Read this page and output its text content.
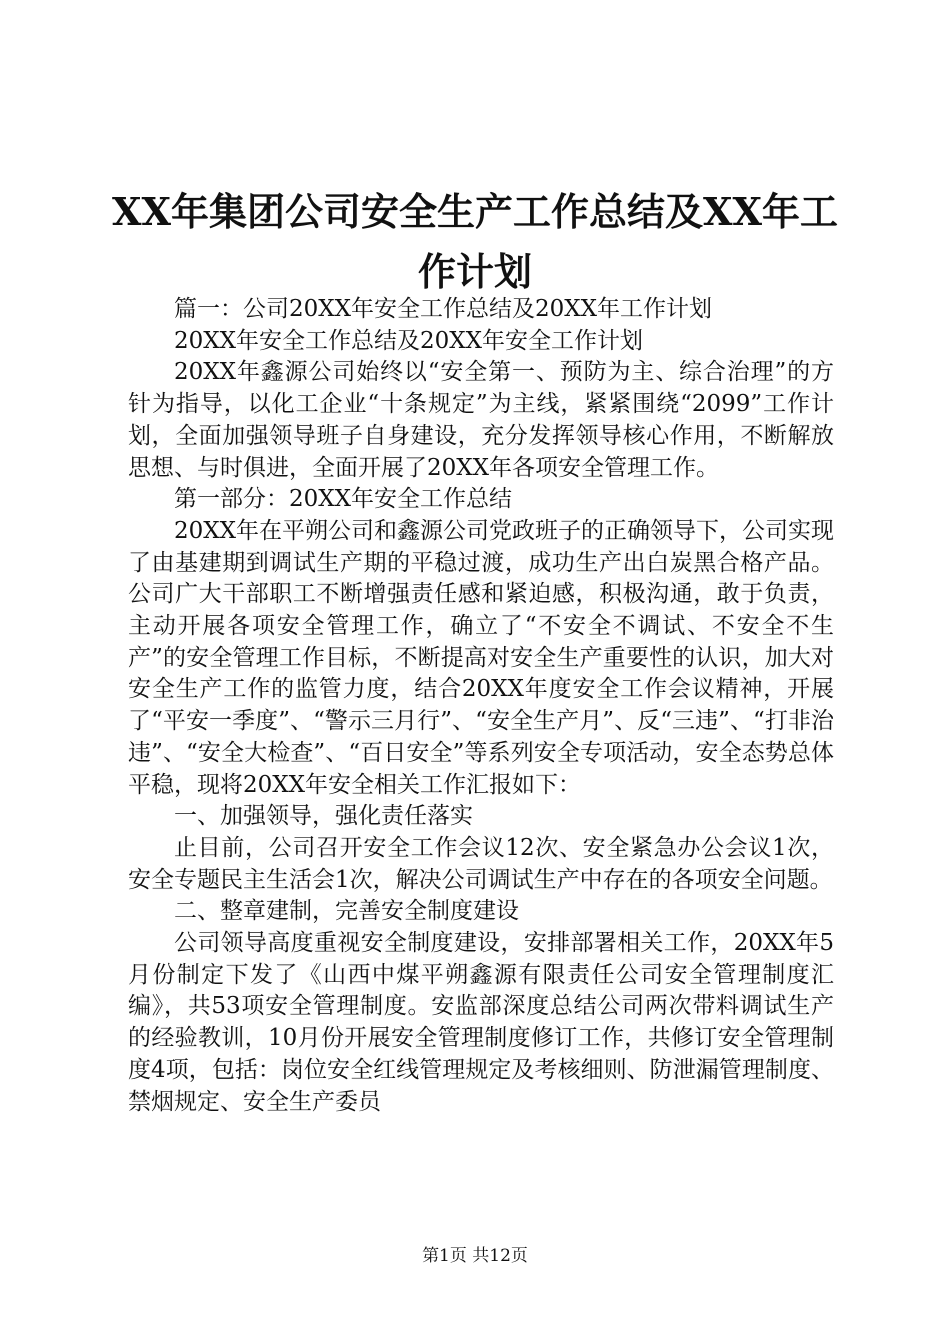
XX年集团公司安全生产工作总结及XX年工作计划

篇一：公司20XX年安全工作总结及20XX年工作计划

20XX年安全工作总结及20XX年安全工作计划

20XX年鑫源公司始终以“安全第一、预防为主、综合治理”的方针为指导，以化工企业“十条规定”为主线，紧紧围绕“2099”工作计划，全面加强领导班子自身建设，充分发挥领导核心作用，不断解放思想、与时俱进，全面开展了20XX年各项安全管理工作。

第一部分：20XX年安全工作总结

20XX年在平朔公司和鑫源公司党政班子的正确领导下，公司实现了由基建期到调试生产期的平稳过渡，成功生产出白炭黑合格产品。公司广大干部职工不断增强责任感和紧迫感，积极沟通，敢于负责，主动开展各项安全管理工作，确立了“不安全不调试、不安全不生产”的安全管理工作目标，不断提高对安全生产重要性的认识，加大对安全生产工作的监管力度，结合20XX年度安全工作会议精神，开展了“平安一季度”、“警示三月行”、“安全生产月”、反“三违”、“打非治违”、“安全大检查”、“百日安全”等系列安全专项活动，安全态势总体平稳，现将20XX年安全相关工作汇报如下：

一、加强领导，强化责任落实

止目前，公司召开安全工作会议12次、安全紧急办公会议1次，安全专题民主生活会1次，解决公司调试生产中存在的各项安全问题。

二、整章建制，完善安全制度建设

公司领导高度重视安全制度建设，安排部署相关工作，20XX年5月份制定下发了《山西中煤平朔鑫源有限责任公司安全管理制度汇编》，共53项安全管理制度。安监部深度总结公司两次带料调试生产的经验教训，10月份开展安全管理制度修订工作，共修订安全管理制度4项，包括：岗位安全红线管理规定及考核细则、防泄漏管理制度、禁烟规定、安全生产委员

第1页 共12页
